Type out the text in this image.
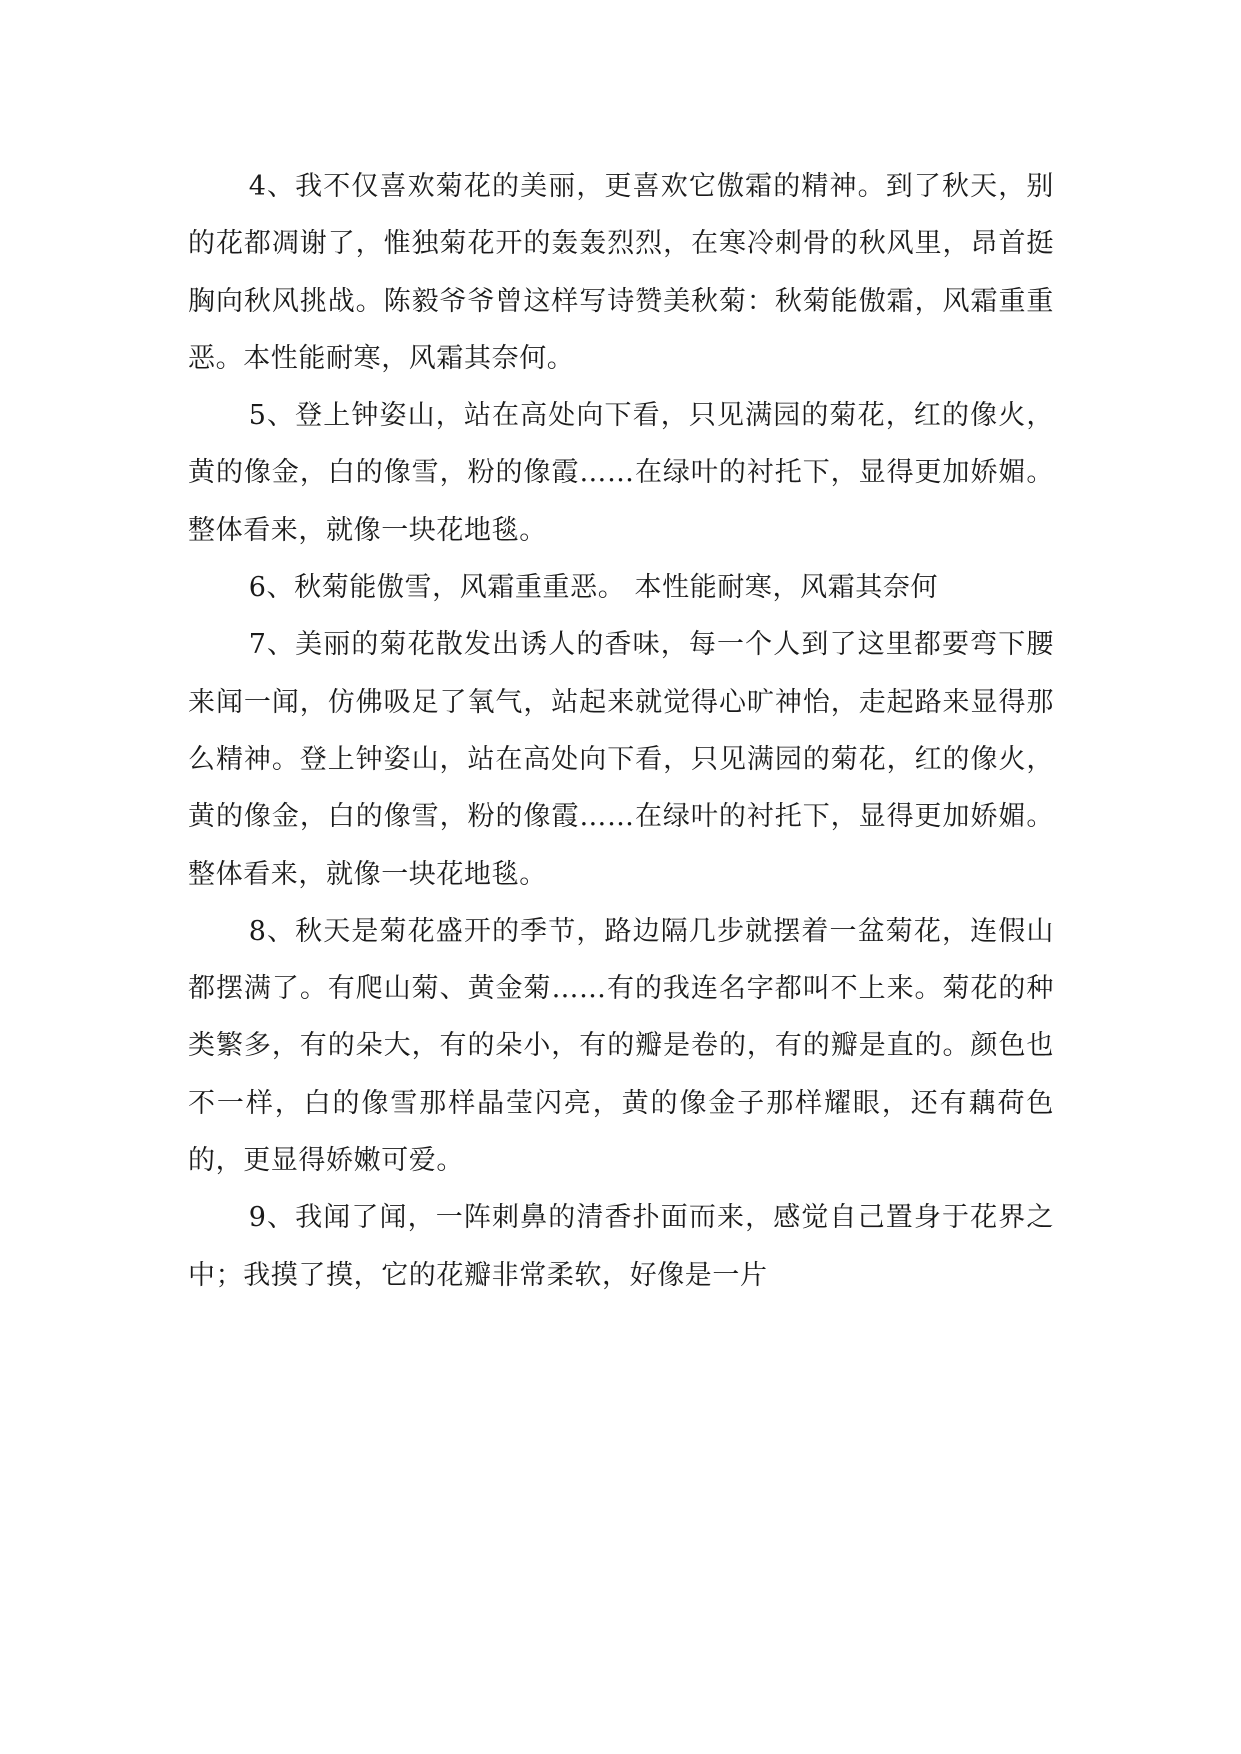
4、我不仅喜欢菊花的美丽，更喜欢它傲霜的精神。到了秋天，别的花都凋谢了，惟独菊花开的轰轰烈烈，在寒冷刺骨的秋风里，昂首挺胸向秋风挑战。陈毅爷爷曾这样写诗赞美秋菊：秋菊能傲霜，风霜重重恶。本性能耐寒，风霜其奈何。

5、登上钟姿山，站在高处向下看，只见满园的菊花，红的像火，黄的像金，白的像雪，粉的像霞……在绿叶的衬托下，显得更加娇媚。整体看来，就像一块花地毯。

6、秋菊能傲雪，风霜重重恶。 本性能耐寒，风霜其奈何

7、美丽的菊花散发出诱人的香味，每一个人到了这里都要弯下腰来闻一闻，仿佛吸足了氧气，站起来就觉得心旷神怡，走起路来显得那么精神。登上钟姿山，站在高处向下看，只见满园的菊花，红的像火，黄的像金，白的像雪，粉的像霞……在绿叶的衬托下，显得更加娇媚。整体看来，就像一块花地毯。

8、秋天是菊花盛开的季节，路边隔几步就摆着一盆菊花，连假山都摆满了。有爬山菊、黄金菊……有的我连名字都叫不上来。菊花的种类繁多，有的朵大，有的朵小，有的瓣是卷的，有的瓣是直的。颜色也不一样，白的像雪那样晶莹闪亮，黄的像金子那样耀眼，还有藕荷色的，更显得娇嫩可爱。

9、我闻了闻，一阵刺鼻的清香扑面而来，感觉自己置身于花界之中；我摸了摸，它的花瓣非常柔软，好像是一片
